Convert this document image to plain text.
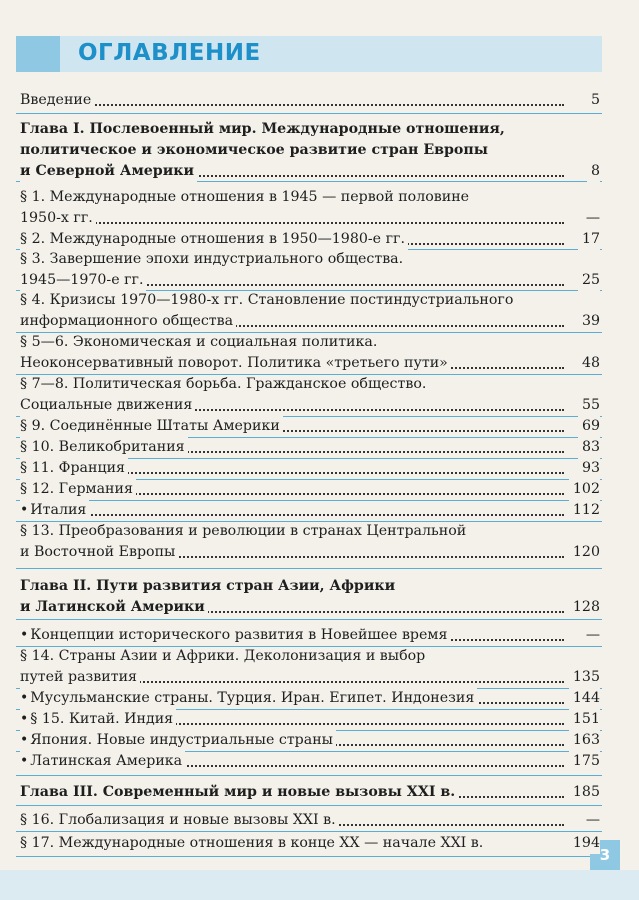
ОГЛАВЛЕНИЕ
Введение	5
Глава I. Послевоенный мир. Международные отношения,
политическое и экономическое развитие стран Европы
и Северной Америки	8
§ 1. Международные отношения в 1945 — первой половине
1950-х гг.	—
§ 2. Международные отношения в 1950—1980-е гг.	17
§ 3. Завершение эпохи индустриального общества.
1945—1970-е гг.	25
§ 4. Кризисы 1970—1980-х гг. Становление постиндустриального
информационного общества	39
§ 5—6. Экономическая и социальная политика.
Неоконсервативный поворот. Политика «третьего пути»	48
§ 7—8. Политическая борьба. Гражданское общество.
Социальные движения	55
§ 9. Соединённые Штаты Америки	69
§ 10. Великобритания	83
§ 11. Франция	93
§ 12. Германия	102
• Италия	112
§ 13. Преобразования и революции в странах Центральной
и Восточной Европы	120
Глава II. Пути развития стран Азии, Африки
и Латинской Америки	128
• Концепции исторического развития в Новейшее время	—
§ 14. Страны Азии и Африки. Деколонизация и выбор
путей развития	135
• Мусульманские страны. Турция. Иран. Египет. Индонезия	144
• § 15. Китай. Индия	151
• Япония. Новые индустриальные страны	163
• Латинская Америка	175
Глава III. Современный мир и новые вызовы XXI в.	185
§ 16. Глобализация и новые вызовы XXI в.	—
§ 17. Международные отношения в конце XX — начале XXI в.	194
3
